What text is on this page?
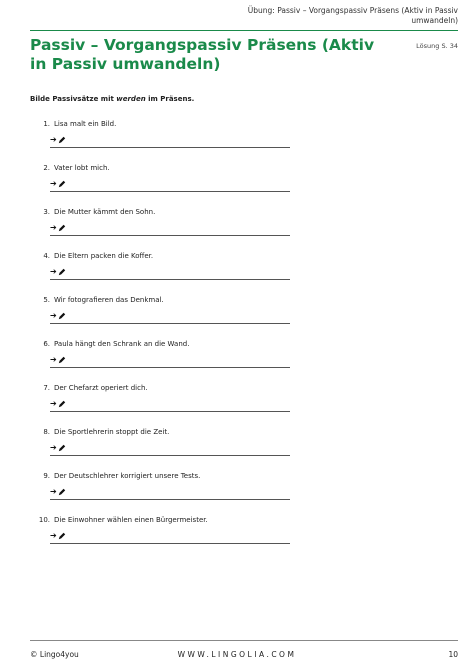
Übung: Passiv – Vorgangspassiv Präsens (Aktiv in Passiv umwandeln)
Passiv – Vorgangspassiv Präsens (Aktiv in Passiv umwandeln)
Lösung S. 34
Bilde Passivsätze mit werden im Präsens.
1. Lisa malt ein Bild.
➔
2. Vater lobt mich.
➔
3. Die Mutter kämmt den Sohn.
➔
4. Die Eltern packen die Koffer.
➔
5. Wir fotografieren das Denkmal.
➔
6. Paula hängt den Schrank an die Wand.
➔
7. Der Chefarzt operiert dich.
➔
8. Die Sportlehrerin stoppt die Zeit.
➔
9. Der Deutschlehrer korrigiert unsere Tests.
➔
10. Die Einwohner wählen einen Bürgermeister.
➔
© Lingo4you	WWW.LINGOLIA.COM	10
